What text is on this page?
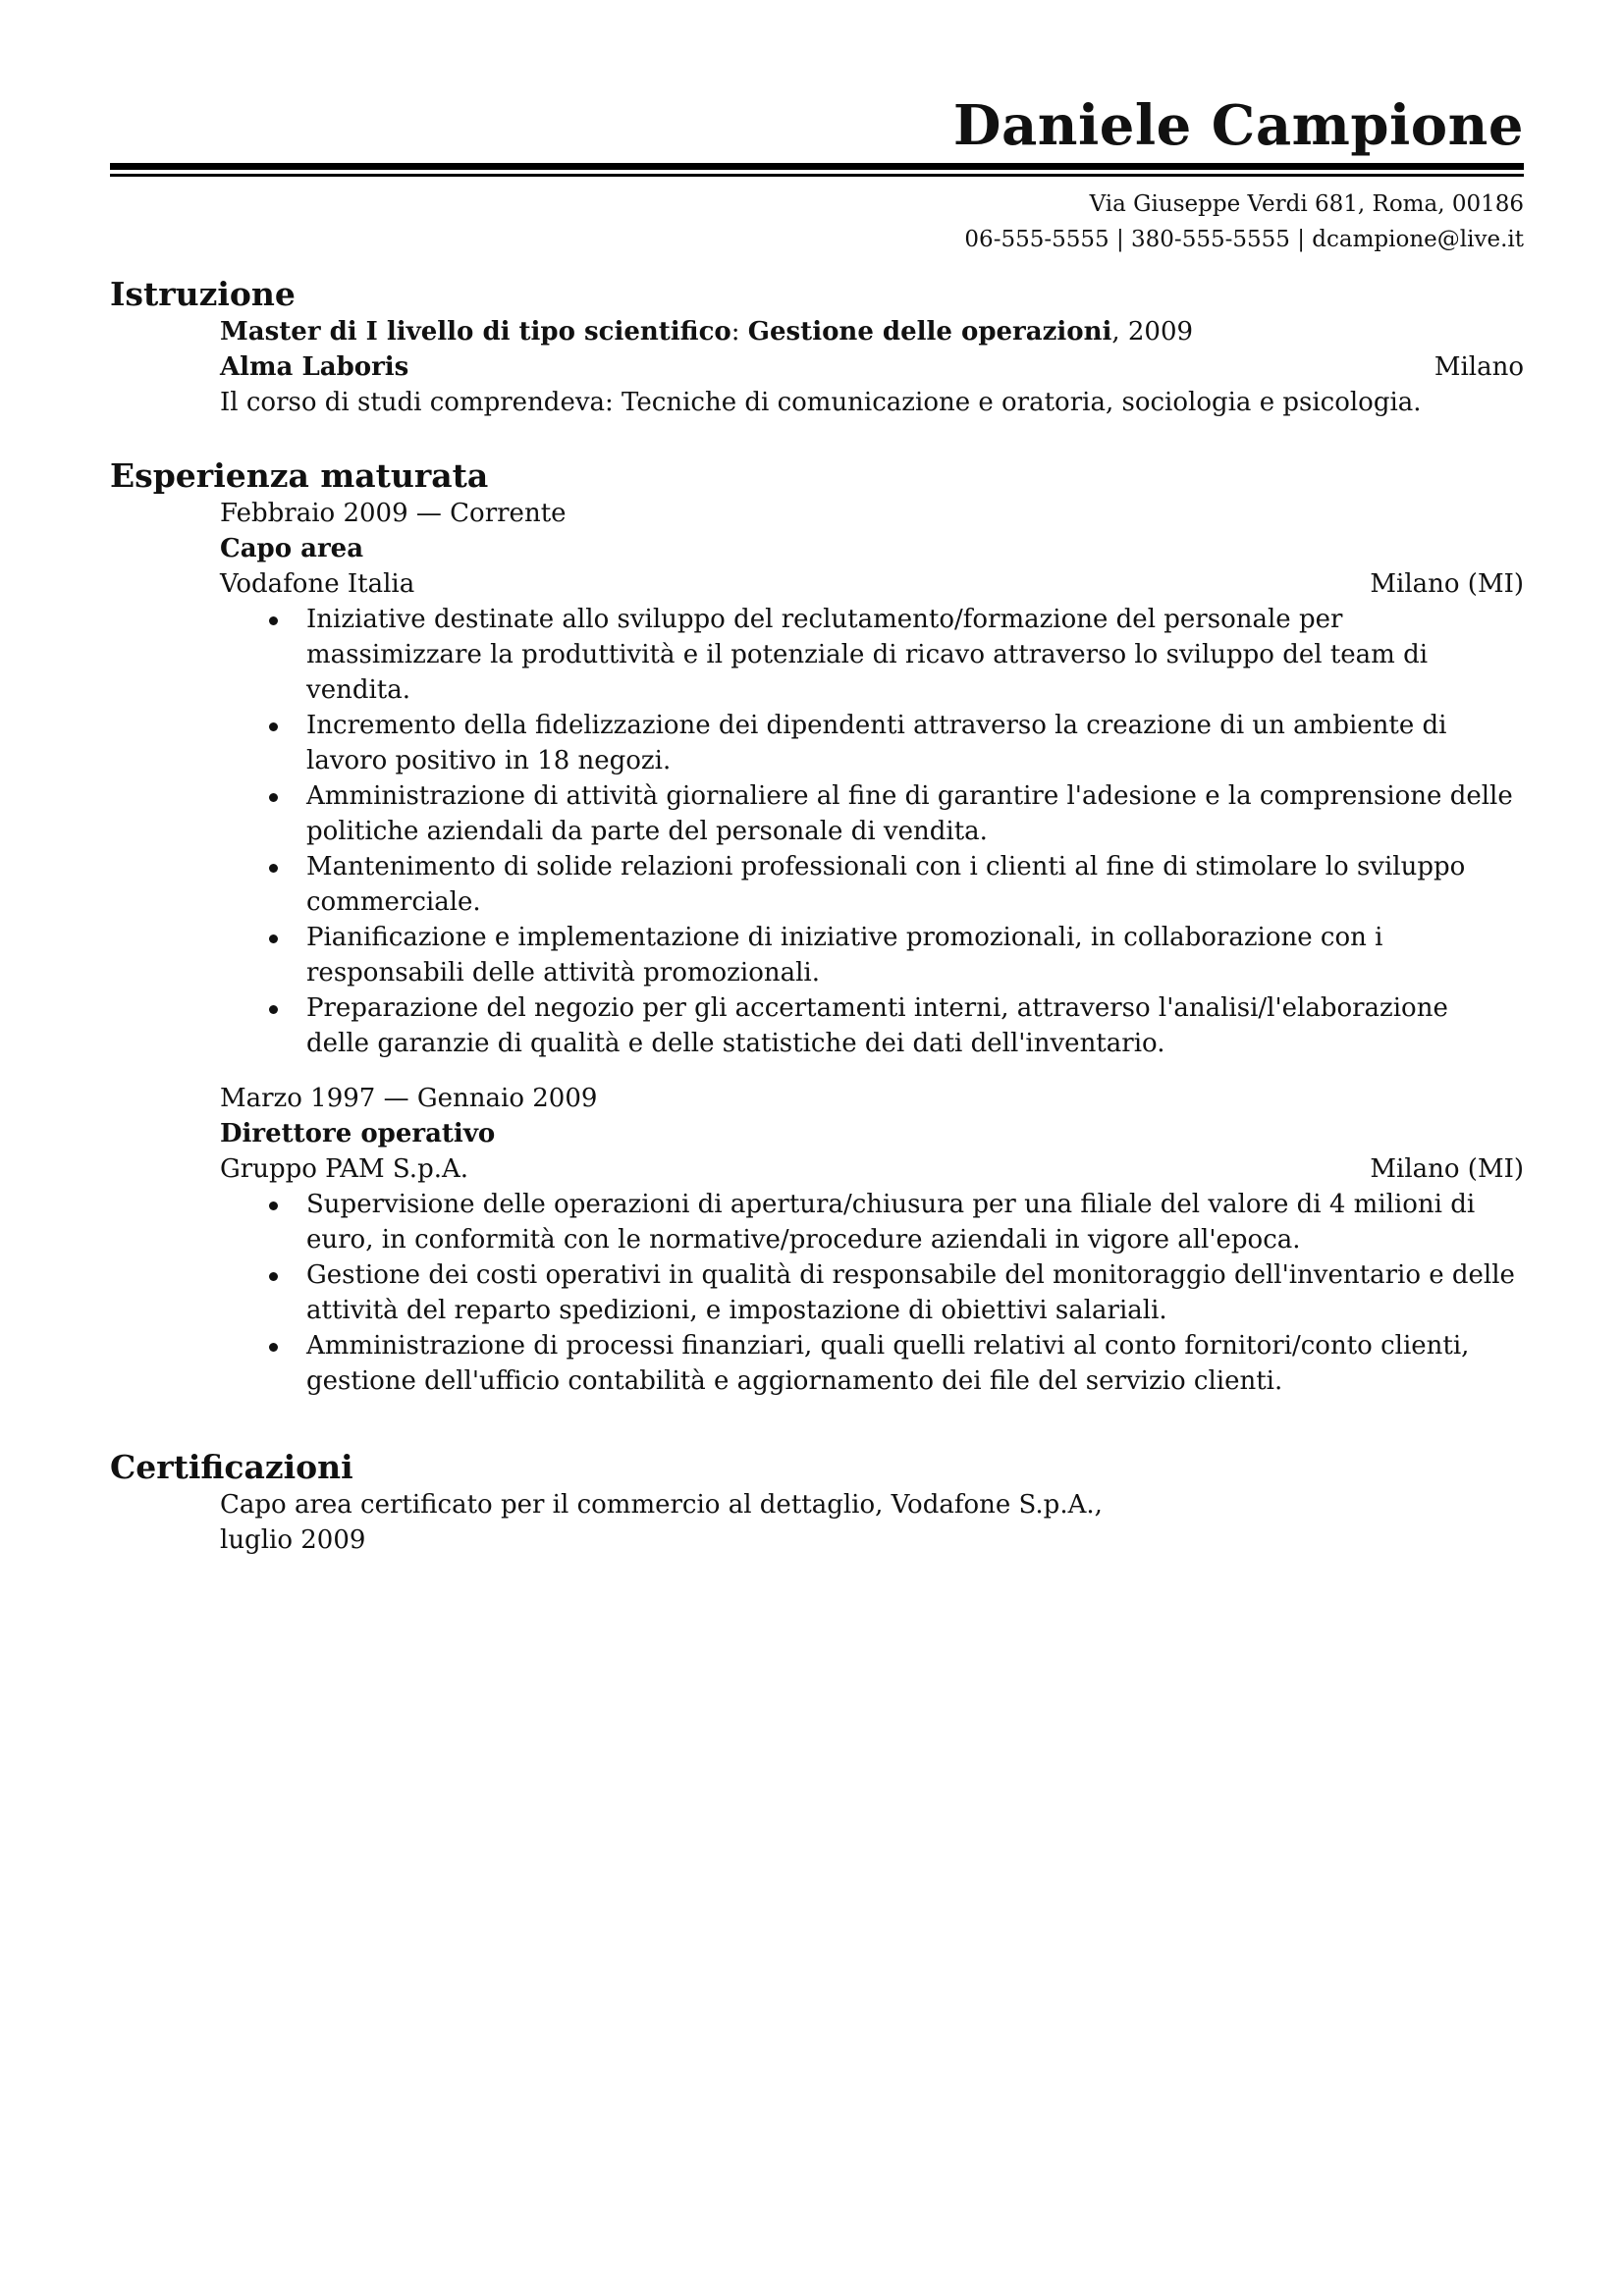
Daniele Campione
Via Giuseppe Verdi 681, Roma, 00186
06-555-5555 | 380-555-5555 | dcampione@live.it
Istruzione
Master di I livello di tipo scientifico: Gestione delle operazioni, 2009
Alma Laboris	Milano
Il corso di studi comprendeva: Tecniche di comunicazione e oratoria, sociologia e psicologia.
Esperienza maturata
Febbraio 2009 — Corrente
Capo area
Vodafone Italia	Milano (MI)
Iniziative destinate allo sviluppo del reclutamento/formazione del personale per massimizzare la produttività e il potenziale di ricavo attraverso lo sviluppo del team di vendita.
Incremento della fidelizzazione dei dipendenti attraverso la creazione di un ambiente di lavoro positivo in 18 negozi.
Amministrazione di attività giornaliere al fine di garantire l'adesione e la comprensione delle politiche aziendali da parte del personale di vendita.
Mantenimento di solide relazioni professionali con i clienti al fine di stimolare lo sviluppo commerciale.
Pianificazione e implementazione di iniziative promozionali, in collaborazione con i responsabili delle attività promozionali.
Preparazione del negozio per gli accertamenti interni, attraverso l'analisi/l'elaborazione delle garanzie di qualità e delle statistiche dei dati dell'inventario.
Marzo 1997 — Gennaio 2009
Direttore operativo
Gruppo PAM S.p.A.	Milano (MI)
Supervisione delle operazioni di apertura/chiusura per una filiale del valore di 4 milioni di euro, in conformità con le normative/procedure aziendali in vigore all'epoca.
Gestione dei costi operativi in qualità di responsabile del monitoraggio dell'inventario e delle attività del reparto spedizioni, e impostazione di obiettivi salariali.
Amministrazione di processi finanziari, quali quelli relativi al conto fornitori/conto clienti, gestione dell'ufficio contabilità e aggiornamento dei file del servizio clienti.
Certificazioni
Capo area certificato per il commercio al dettaglio, Vodafone S.p.A.,
luglio 2009
